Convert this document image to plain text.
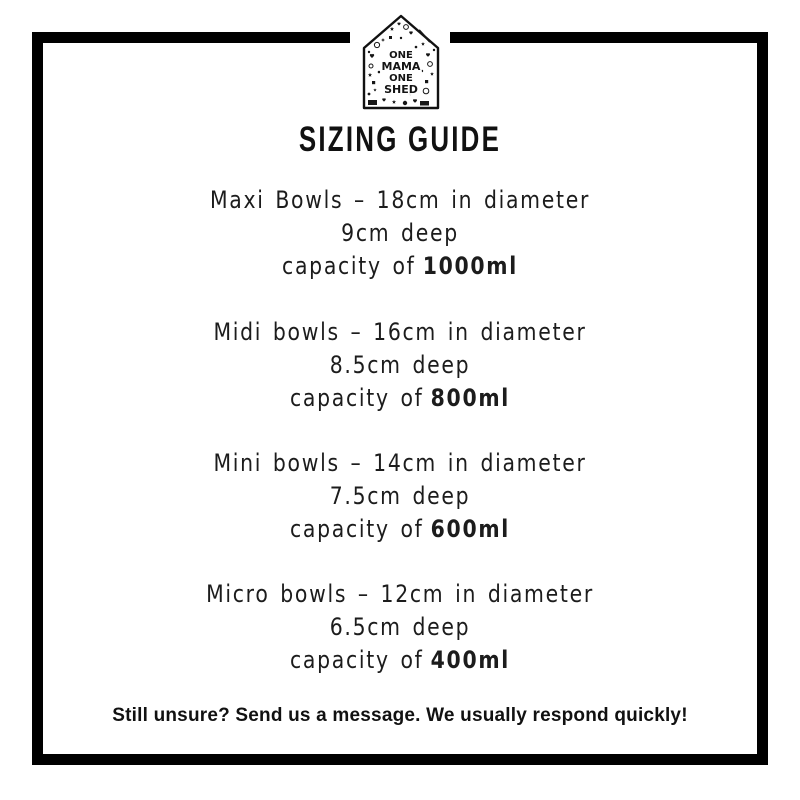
ONE
MAMA
ONE
SHED
SIZING GUIDE
Maxi Bowls – 18cm in diameter
9cm deep
capacity of 1000ml
Midi bowls – 16cm in diameter
8.5cm deep
capacity of 800ml
Mini bowls – 14cm in diameter
7.5cm deep
capacity of 600ml
Micro bowls – 12cm in diameter
6.5cm deep
capacity of 400ml
Still unsure? Send us a message. We usually respond quickly!
